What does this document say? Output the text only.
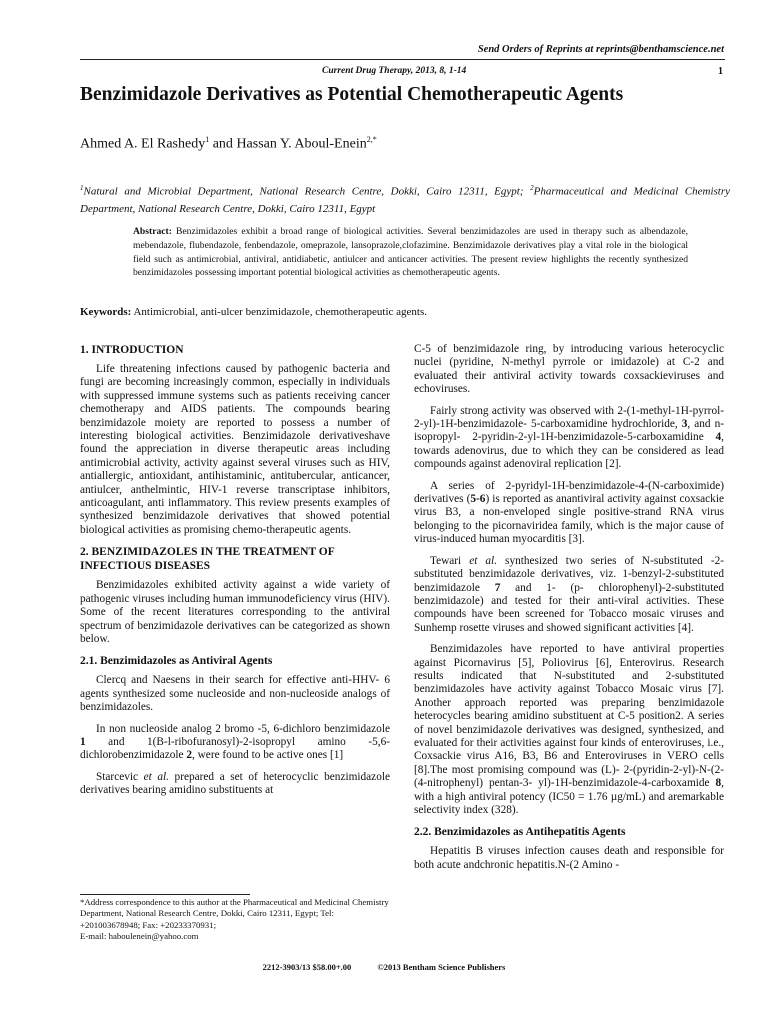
Send Orders of Reprints at reprints@benthamscience.net
Current Drug Therapy, 2013, 8, 1-14	1
Benzimidazole Derivatives as Potential Chemotherapeutic Agents
Ahmed A. El Rashedy$^1$ and Hassan Y. Aboul-Enein$^{2,*}$
$^1$Natural and Microbial Department, National Research Centre, Dokki, Cairo 12311, Egypt; $^2$Pharmaceutical and Medicinal Chemistry Department, National Research Centre, Dokki, Cairo 12311, Egypt
Abstract: Benzimidazoles exhibit a broad range of biological activities. Several benzimidazoles are used in therapy such as albendazole, mebendazole, flubendazole, fenbendazole, omeprazole, lansoprazole,clofazimine. Benzimidazole derivatives play a vital role in the biological field such as antimicrobial, antiviral, antidiabetic, antiulcer and anticancer activities. The present review highlights the recently synthesized benzimidazoles possessing important potential biological activities as chemotherapeutic agents.
Keywords: Antimicrobial, anti-ulcer benzimidazole, chemotherapeutic agents.
1. INTRODUCTION

Life threatening infections caused by pathogenic bacteria and fungi are becoming increasingly common, especially in individuals with suppressed immune systems such as patients receiving cancer chemotherapy and AIDS patients. The compounds bearing benzimidazole moiety are reported to possess a number of interesting biological activities. Benzimidazole derivativeshave found the appreciation in diverse therapeutic areas including antimicrobial activity, activity against several viruses such as HIV, antiallergic, antioxidant, antihistaminic, antitubercular, anticancer, antiulcer, anthelmintic, HIV-1 reverse transcriptase inhibitors, anticoagulant, anti inflammatory. This review presents examples of synthesized benzimidazole derivatives that showed potential biological activities as promising chemo-therapeutic agents.

2. BENZIMIDAZOLES IN THE TREATMENT OF INFECTIOUS DISEASES

Benzimidazoles exhibited activity against a wide variety of pathogenic viruses including human immunodeficiency virus (HIV). Some of the recent literatures corresponding to the antiviral spectrum of benzimidazole derivatives can be categorized as shown below.

2.1. Benzimidazoles as Antiviral Agents

Clercq and Naesens in their search for effective anti-HHV- 6 agents synthesized some nucleoside and non-nucleoside analogs of benzimidazoles.

In non nucleoside analog 2 bromo -5, 6-dichloro benzimidazole 1 and 1(B-l-ribofuranosyl)-2-isopropyl amino -5,6-dichlorobenzimidazole 2, were found to be active ones [1]

Starcevic et al. prepared a set of heterocyclic benzimidazole derivatives bearing amidino substituents at

C-5 of benzimidazole ring, by introducing various heterocyclic nuclei (pyridine, N-methyl pyrrole or imidazole) at C-2 and evaluated their antiviral activity towards coxsackieviruses and echoviruses.

Fairly strong activity was observed with 2-(1-methyl-1H-pyrrol-2-yl)-1H-benzimidazole- 5-carboxamidine hydrochloride, 3, and n-isopropyl- 2-pyridin-2-yl-1H-benzimidazole-5-carboxamidine 4, towards adenovirus, due to which they can be considered as lead compounds against adenoviral replication [2].

A series of 2-pyridyl-1H-benzimidazole-4-(N-carboximide) derivatives (5-6) is reported as anantiviral activity against coxsackie virus B3, a non-enveloped single positive-strand RNA virus belonging to the picornaviridea family, which is the major cause of virus-induced human myocarditis [3].

Tewari et al. synthesized two series of N-substituted -2-substituted benzimidazole derivatives, viz. 1-benzyl-2-substituted benzimidazole 7 and 1- (p- chlorophenyl)-2-substituted benzimidazole) and tested for their anti-viral activities. These compounds have been screened for Tobacco mosaic viruses and Sunhemp rosette viruses and showed significant activities [4].

Benzimidazoles have reported to have antiviral properties against Picornavirus [5], Poliovirus [6], Enterovirus. Research results indicated that N-substituted and 2-substituted benzimidazoles have activity against Tobacco Mosaic virus [7]. Another approach reported was preparing benzimidazole heterocycles bearing amidino substituent at C-5 position2. A series of novel benzimidazole derivatives was designed, synthesized, and evaluated for their activities against four kinds of enteroviruses, i.e., Coxsackie virus A16, B3, B6 and Enteroviruses in VERO cells [8].The most promising compound was (L)- 2-(pyridin-2-yl)-N-(2-(4-nitrophenyl) pentan-3- yl)-1H-benzimidazole-4-carboxamide 8, with a high antiviral potency (IC50 = 1.76 µg/mL) and aremarkable selectivity index (328).

2.2. Benzimidazoles as Antihepatitis Agents

Hepatitis B viruses infection causes death and responsible for both acute andchronic hepatitis.N-(2 Amino -

*Address correspondence to this author at the Pharmaceutical and Medicinal Chemistry Department, National Research Centre, Dokki, Cairo 12311, Egypt; Tel: +201003678948; Fax: +20233370931;

E-mail: haboulenein@yahoo.com

2212-3903/13 $58.00+.00	©2013 Bentham Science Publishers
